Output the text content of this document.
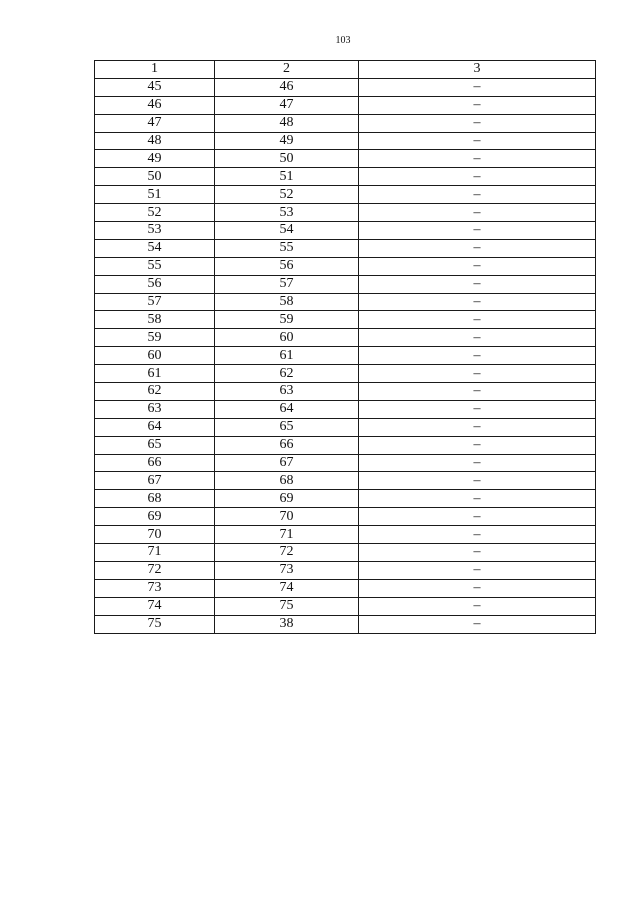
103
1	2	3
45	46	–
46	47	–
47	48	–
48	49	–
49	50	–
50	51	–
51	52	–
52	53	–
53	54	–
54	55	–
55	56	–
56	57	–
57	58	–
58	59	–
59	60	–
60	61	–
61	62	–
62	63	–
63	64	–
64	65	–
65	66	–
66	67	–
67	68	–
68	69	–
69	70	–
70	71	–
71	72	–
72	73	–
73	74	–
74	75	–
75	38	–
